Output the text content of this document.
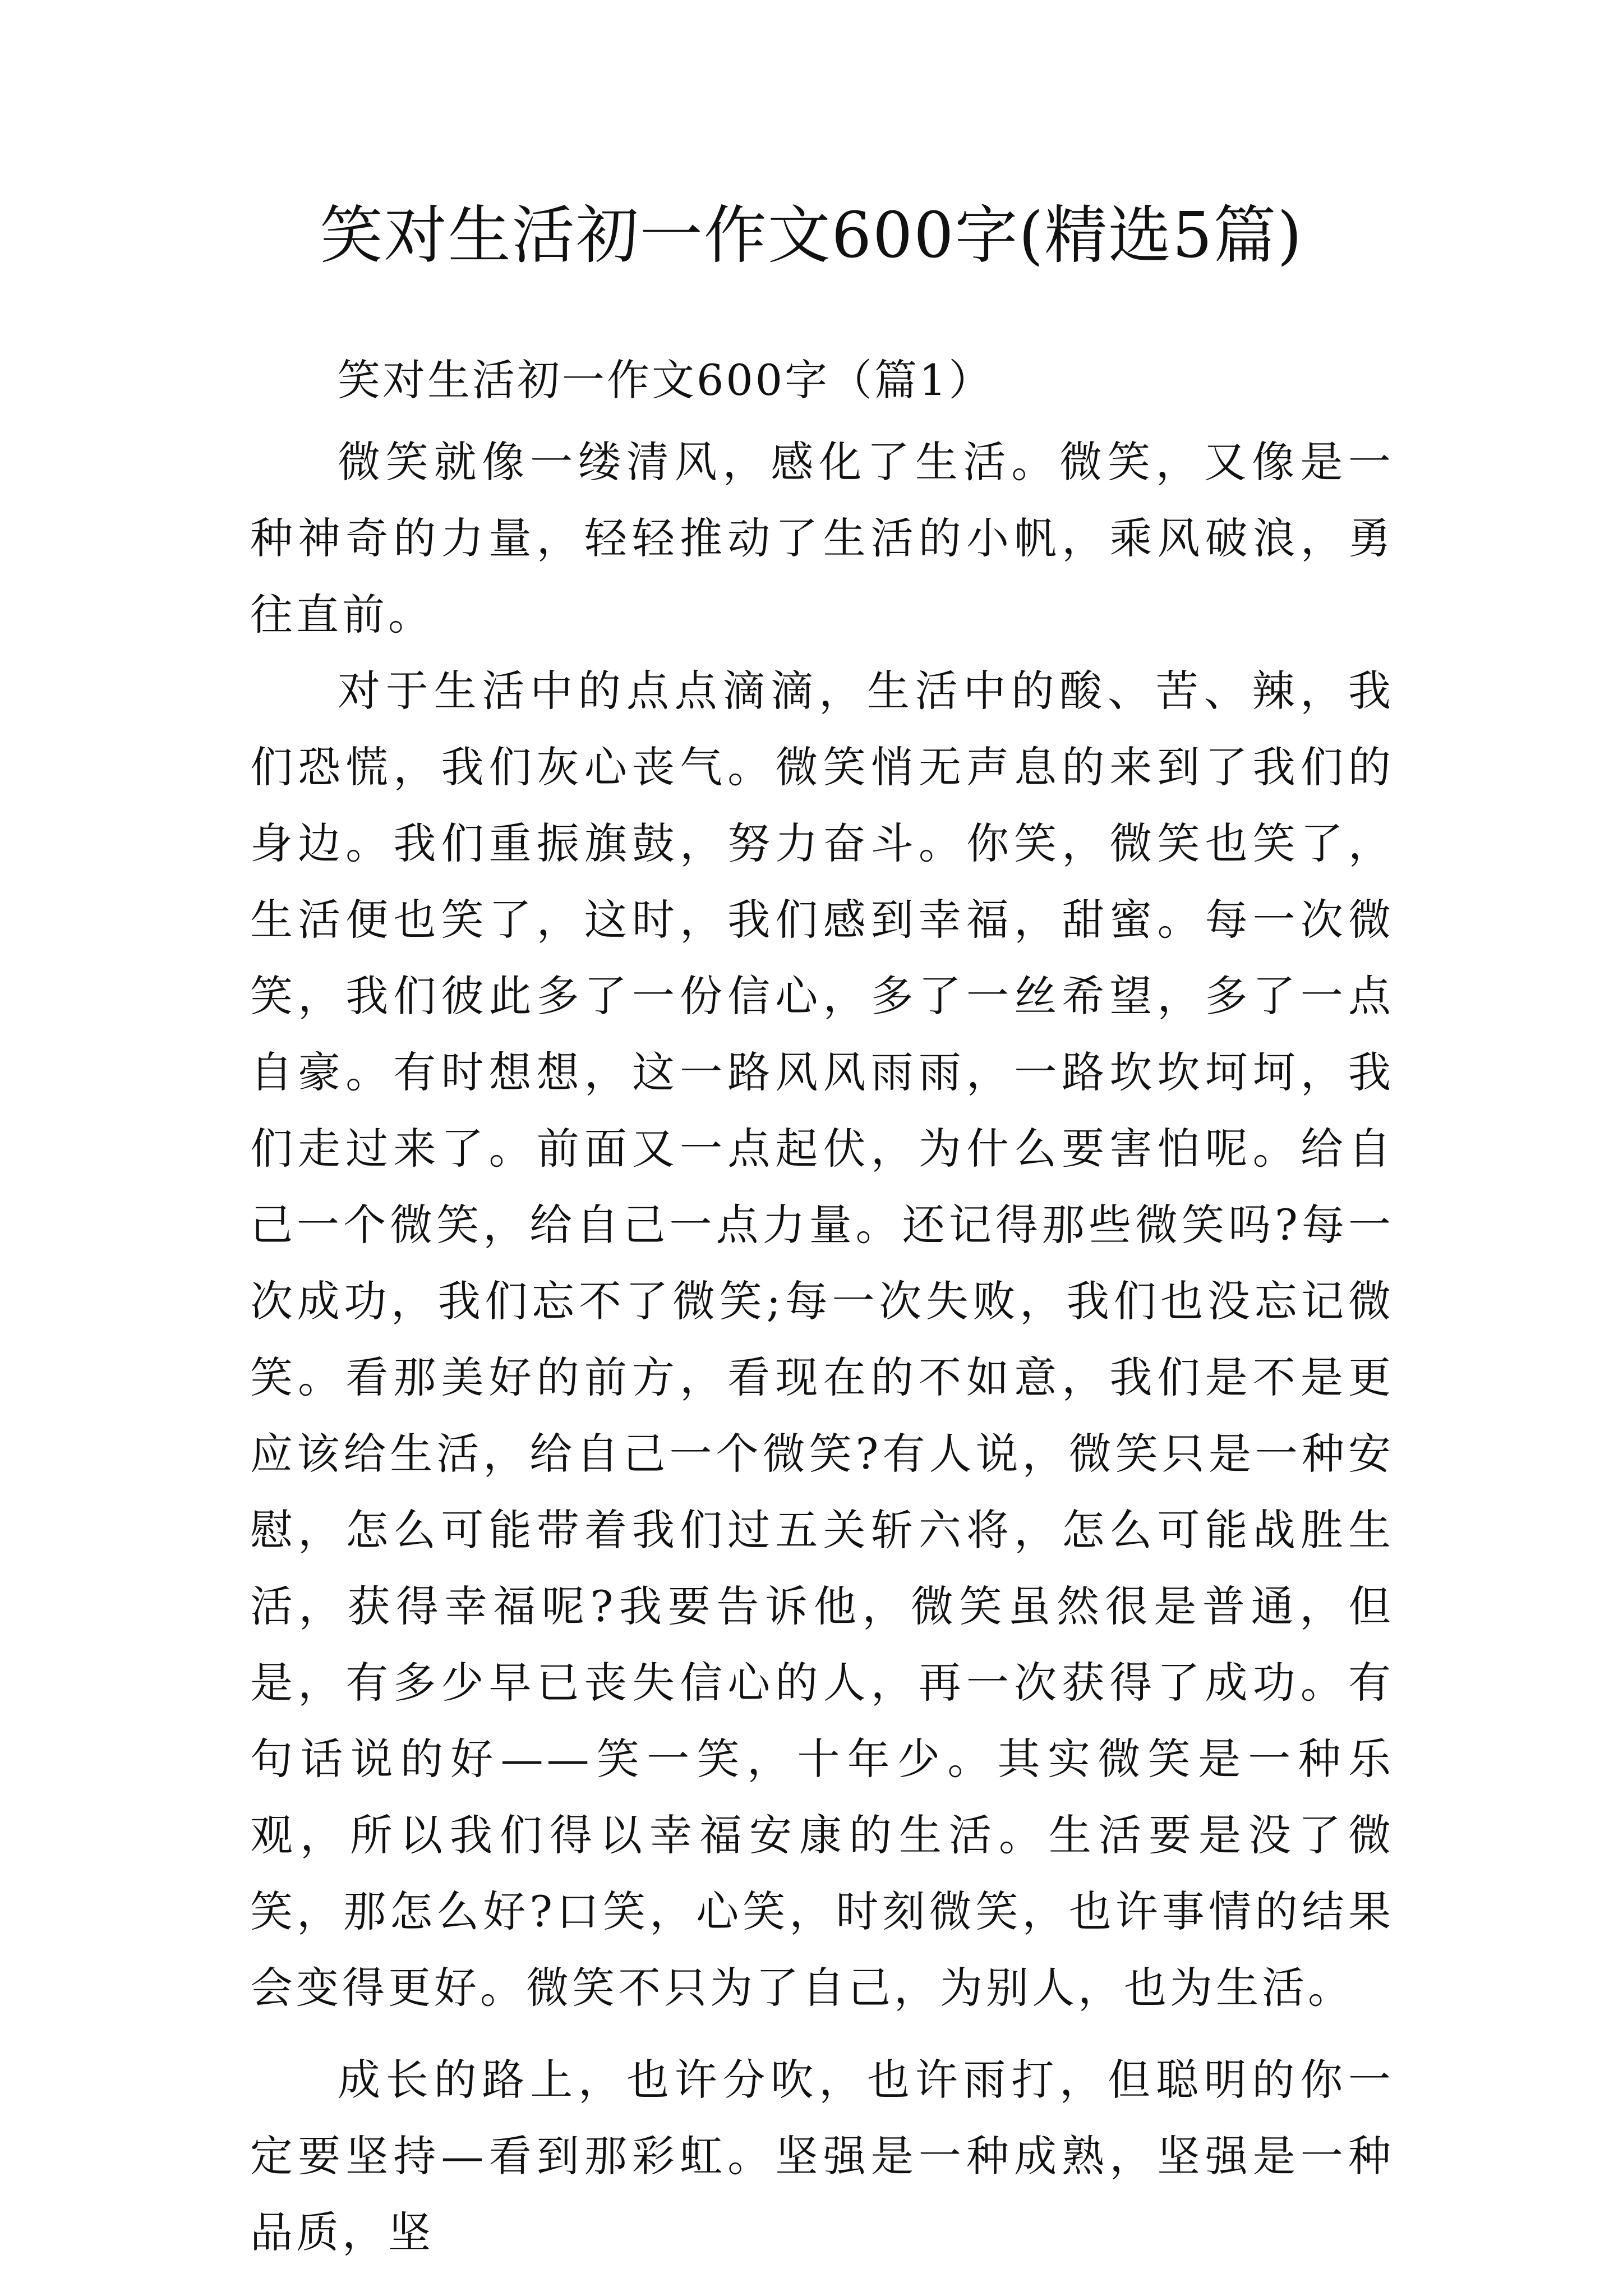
笑对生活初一作文600字(精选5篇)

笑对生活初一作文600字（篇1）

微笑就像一缕清风，感化了生活。微笑，又像是一种神奇的力量，轻轻推动了生活的小帆，乘风破浪，勇往直前。

对于生活中的点点滴滴，生活中的酸、苦、辣，我们恐慌，我们灰心丧气。微笑悄无声息的来到了我们的身边。我们重振旗鼓，努力奋斗。你笑，微笑也笑了，生活便也笑了，这时，我们感到幸福，甜蜜。每一次微笑，我们彼此多了一份信心，多了一丝希望，多了一点自豪。有时想想，这一路风风雨雨，一路坎坎坷坷，我们走过来了。前面又一点起伏，为什么要害怕呢。给自己一个微笑，给自己一点力量。还记得那些微笑吗?每一次成功，我们忘不了微笑;每一次失败，我们也没忘记微笑。看那美好的前方，看现在的不如意，我们是不是更应该给生活，给自己一个微笑?有人说，微笑只是一种安慰，怎么可能带着我们过五关斩六将，怎么可能战胜生活，获得幸福呢?我要告诉他，微笑虽然很是普通，但是，有多少早已丧失信心的人，再一次获得了成功。有句话说的好——笑一笑，十年少。其实微笑是一种乐观，所以我们得以幸福安康的生活。生活要是没了微笑，那怎么好?口笑，心笑，时刻微笑，也许事情的结果会变得更好。微笑不只为了自己，为别人，也为生活。

成长的路上，也许分吹，也许雨打，但聪明的你一定要坚持—看到那彩虹。坚强是一种成熟，坚强是一种品质，坚
